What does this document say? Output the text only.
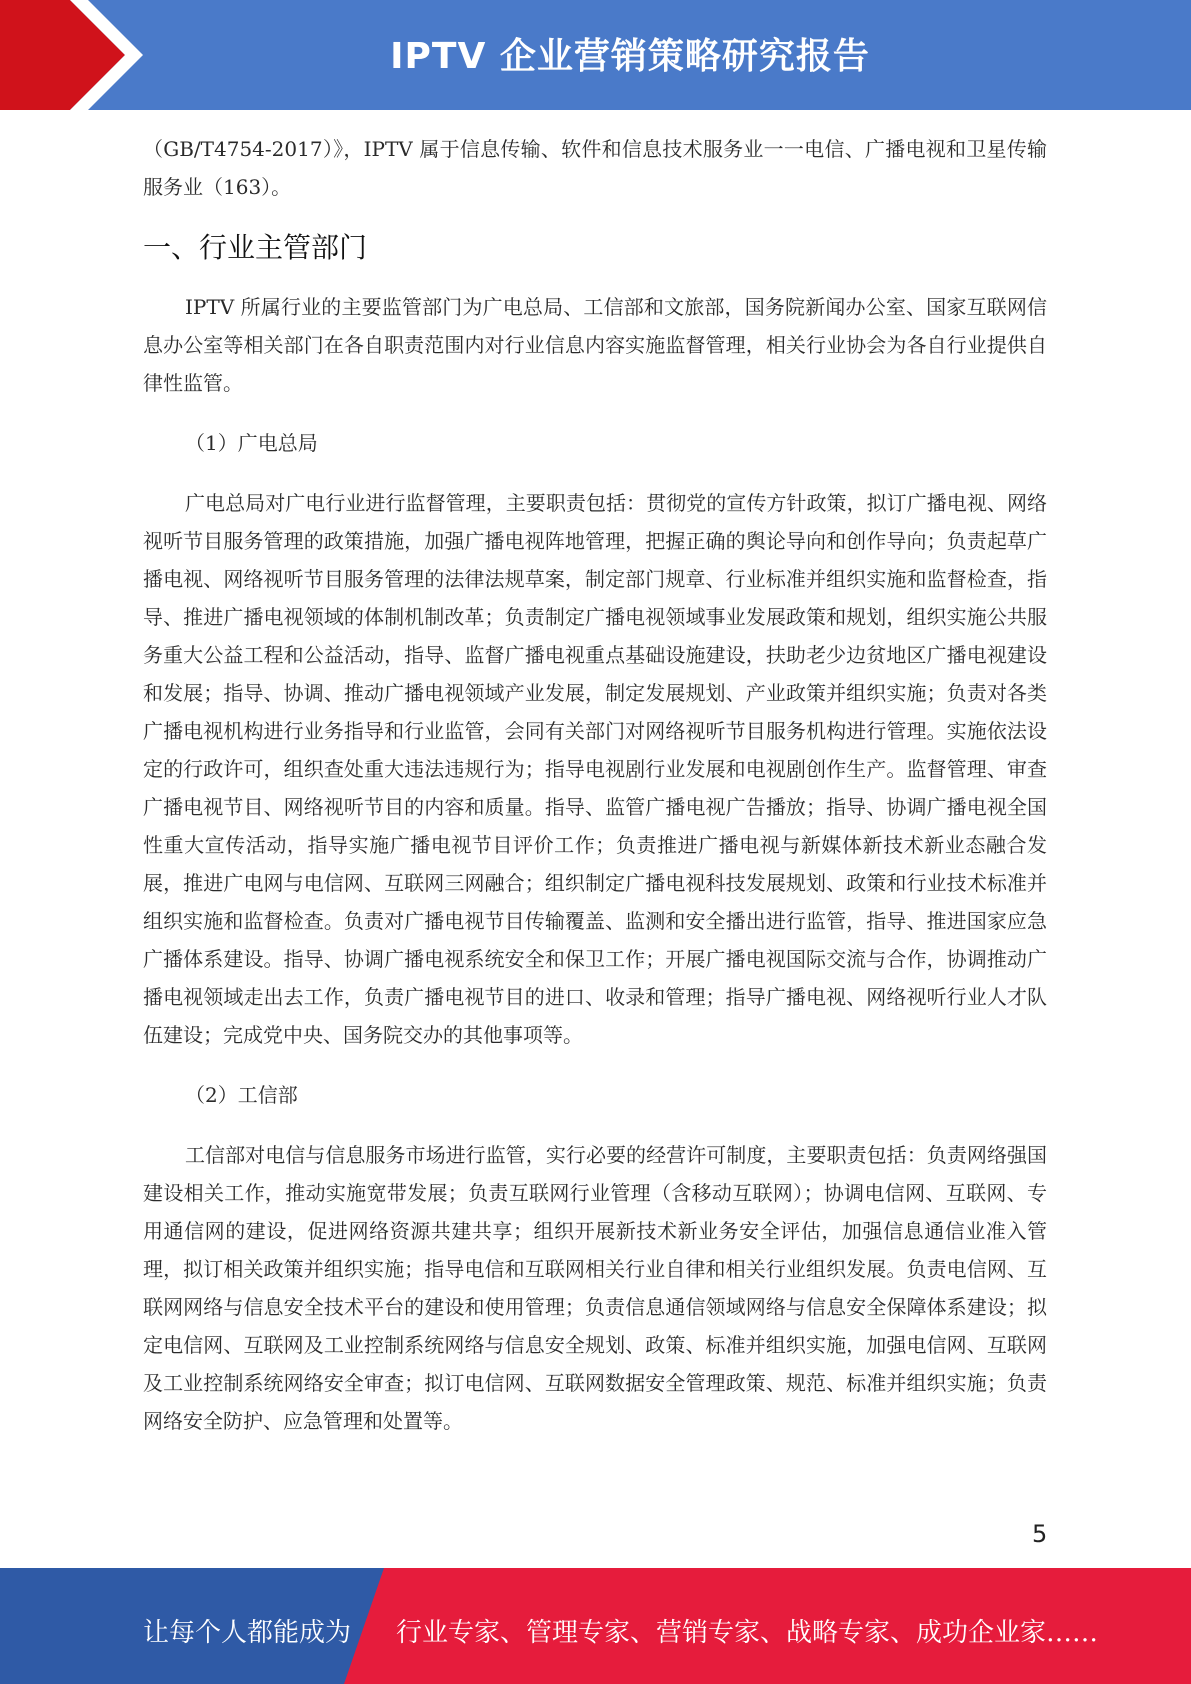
IPTV 企业营销策略研究报告

（GB/T4754-2017）》，IPTV 属于信息传输、软件和信息技术服务业一一电信、广播电视和卫星传输服务业（163）。

一、行业主管部门

IPTV 所属行业的主要监管部门为广电总局、工信部和文旅部，国务院新闻办公室、国家互联网信息办公室等相关部门在各自职责范围内对行业信息内容实施监督管理，相关行业协会为各自行业提供自律性监管。

（1）广电总局

广电总局对广电行业进行监督管理，主要职责包括：贯彻党的宣传方针政策，拟订广播电视、网络视听节目服务管理的政策措施，加强广播电视阵地管理，把握正确的舆论导向和创作导向；负责起草广播电视、网络视听节目服务管理的法律法规草案，制定部门规章、行业标准并组织实施和监督检查，指导、推进广播电视领域的体制机制改革；负责制定广播电视领域事业发展政策和规划，组织实施公共服务重大公益工程和公益活动，指导、监督广播电视重点基础设施建设，扶助老少边贫地区广播电视建设和发展；指导、协调、推动广播电视领域产业发展，制定发展规划、产业政策并组织实施；负责对各类广播电视机构进行业务指导和行业监管，会同有关部门对网络视听节目服务机构进行管理。实施依法设定的行政许可，组织查处重大违法违规行为；指导电视剧行业发展和电视剧创作生产。监督管理、审查广播电视节目、网络视听节目的内容和质量。指导、监管广播电视广告播放；指导、协调广播电视全国性重大宣传活动，指导实施广播电视节目评价工作；负责推进广播电视与新媒体新技术新业态融合发展，推进广电网与电信网、互联网三网融合；组织制定广播电视科技发展规划、政策和行业技术标准并组织实施和监督检查。负责对广播电视节目传输覆盖、监测和安全播出进行监管，指导、推进国家应急广播体系建设。指导、协调广播电视系统安全和保卫工作；开展广播电视国际交流与合作，协调推动广播电视领域走出去工作，负责广播电视节目的进口、收录和管理；指导广播电视、网络视听行业人才队伍建设；完成党中央、国务院交办的其他事项等。

（2）工信部

工信部对电信与信息服务市场进行监管，实行必要的经营许可制度，主要职责包括：负责网络强国建设相关工作，推动实施宽带发展；负责互联网行业管理（含移动互联网）；协调电信网、互联网、专用通信网的建设，促进网络资源共建共享；组织开展新技术新业务安全评估，加强信息通信业准入管理，拟订相关政策并组织实施；指导电信和互联网相关行业自律和相关行业组织发展。负责电信网、互联网网络与信息安全技术平台的建设和使用管理；负责信息通信领域网络与信息安全保障体系建设；拟定电信网、互联网及工业控制系统网络与信息安全规划、政策、标准并组织实施，加强电信网、互联网及工业控制系统网络安全审查；拟订电信网、互联网数据安全管理政策、规范、标准并组织实施；负责网络安全防护、应急管理和处置等。

5
让每个人都能成为 行业专家、管理专家、营销专家、战略专家、成功企业家……
